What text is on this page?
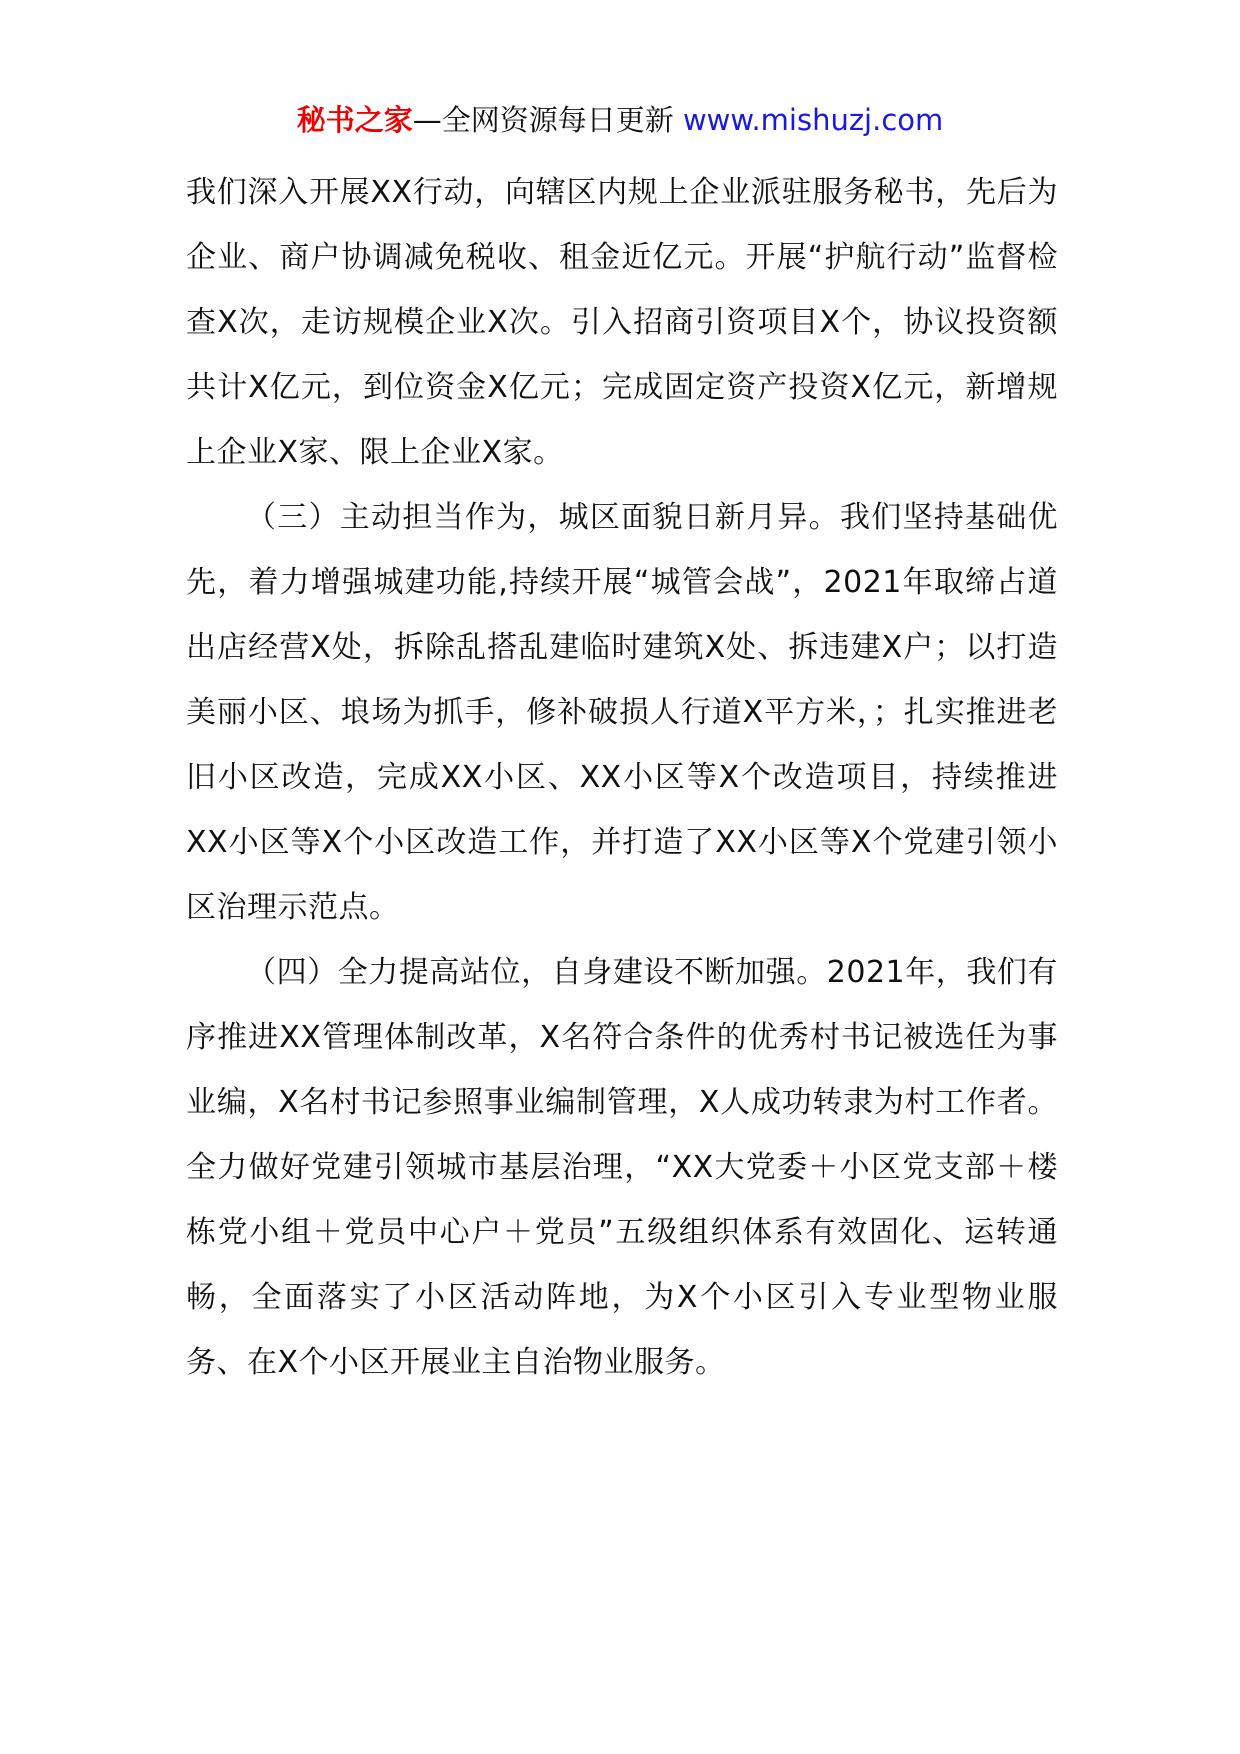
秘书之家—全网资源每日更新 www.mishuzj.com

我们深入开展XX行动，向辖区内规上企业派驻服务秘书，先后为企业、商户协调减免税收、租金近亿元。开展“护航行动”监督检查X次，走访规模企业X次。引入招商引资项目X个，协议投资额共计X亿元，到位资金X亿元；完成固定资产投资X亿元，新增规上企业X家、限上企业X家。

（三）主动担当作为，城区面貌日新月异。我们坚持基础优先，着力增强城建功能,持续开展“城管会战”，2021年取缔占道出店经营X处，拆除乱搭乱建临时建筑X处、拆违建X户；以打造美丽小区、埌场为抓手，修补破损人行道X平方米，；扎实推进老旧小区改造，完成XX小区、XX小区等X个改造项目，持续推进XX小区等X个小区改造工作，并打造了XX小区等X个党建引领小区治理示范点。

（四）全力提高站位，自身建设不断加强。2021年，我们有序推进XX管理体制改革，X名符合条件的优秀村书记被选任为事业编，X名村书记参照事业编制管理，X人成功转隶为村工作者。全力做好党建引领城市基层治理，“XX大党委＋小区党支部＋楼栋党小组＋党员中心户＋党员”五级组织体系有效固化、运转通畅，全面落实了小区活动阵地，为X个小区引入专业型物业服务、在X个小区开展业主自治物业服务。
